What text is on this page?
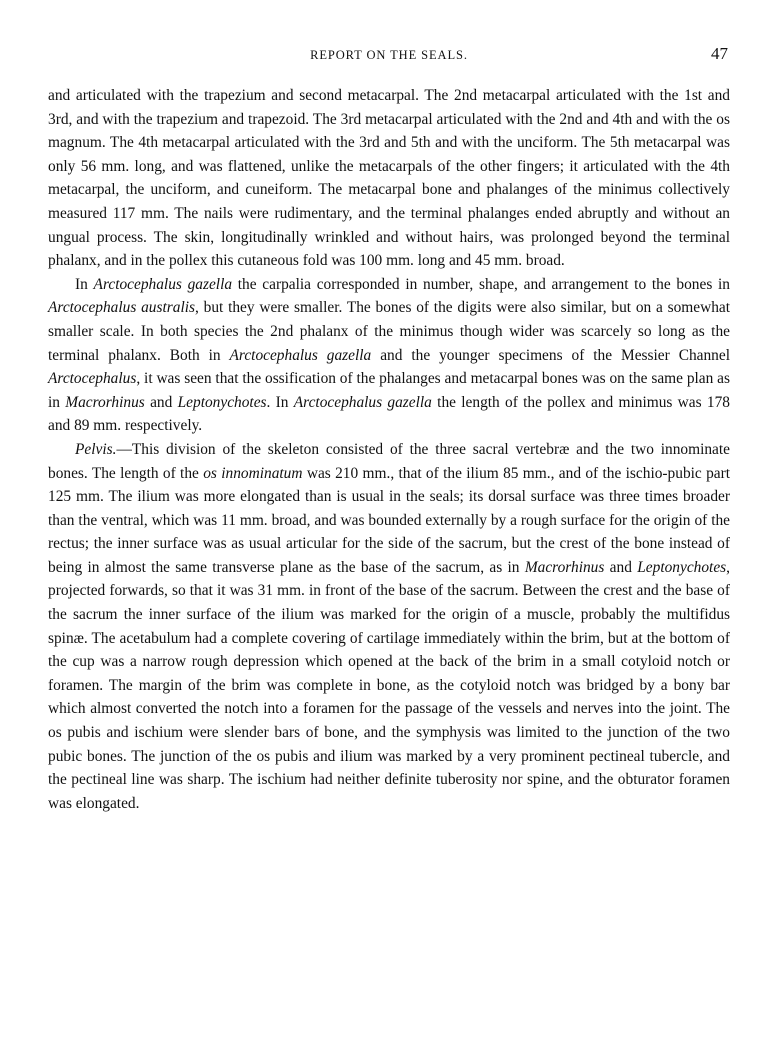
REPORT ON THE SEALS.	47

and articulated with the trapezium and second metacarpal. The 2nd metacarpal articulated with the 1st and 3rd, and with the trapezium and trapezoid. The 3rd metacarpal articulated with the 2nd and 4th and with the os magnum. The 4th metacarpal articulated with the 3rd and 5th and with the unciform. The 5th metacarpal was only 56 mm. long, and was flattened, unlike the metacarpals of the other fingers; it articulated with the 4th metacarpal, the unciform, and cuneiform. The metacarpal bone and phalanges of the minimus collectively measured 117 mm. The nails were rudimentary, and the terminal phalanges ended abruptly and without an ungual process. The skin, longitudinally wrinkled and without hairs, was prolonged beyond the terminal phalanx, and in the pollex this cutaneous fold was 100 mm. long and 45 mm. broad.

In Arctocephalus gazella the carpalia corresponded in number, shape, and arrangement to the bones in Arctocephalus australis, but they were smaller. The bones of the digits were also similar, but on a somewhat smaller scale. In both species the 2nd phalanx of the minimus though wider was scarcely so long as the terminal phalanx. Both in Arctocephalus gazella and the younger specimens of the Messier Channel Arctocephalus, it was seen that the ossification of the phalanges and metacarpal bones was on the same plan as in Macrorhinus and Leptonychotes. In Arctocephalus gazella the length of the pollex and minimus was 178 and 89 mm. respectively.

Pelvis.—This division of the skeleton consisted of the three sacral vertebræ and the two innominate bones. The length of the os innominatum was 210 mm., that of the ilium 85 mm., and of the ischio-pubic part 125 mm. The ilium was more elongated than is usual in the seals; its dorsal surface was three times broader than the ventral, which was 11 mm. broad, and was bounded externally by a rough surface for the origin of the rectus; the inner surface was as usual articular for the side of the sacrum, but the crest of the bone instead of being in almost the same transverse plane as the base of the sacrum, as in Macrorhinus and Leptonychotes, projected forwards, so that it was 31 mm. in front of the base of the sacrum. Between the crest and the base of the sacrum the inner surface of the ilium was marked for the origin of a muscle, probably the multifidus spinæ. The acetabulum had a complete covering of cartilage immediately within the brim, but at the bottom of the cup was a narrow rough depression which opened at the back of the brim in a small cotyloid notch or foramen. The margin of the brim was complete in bone, as the cotyloid notch was bridged by a bony bar which almost converted the notch into a foramen for the passage of the vessels and nerves into the joint. The os pubis and ischium were slender bars of bone, and the symphysis was limited to the junction of the two pubic bones. The junction of the os pubis and ilium was marked by a very prominent pectineal tubercle, and the pectineal line was sharp. The ischium had neither definite tuberosity nor spine, and the obturator foramen was elongated.
